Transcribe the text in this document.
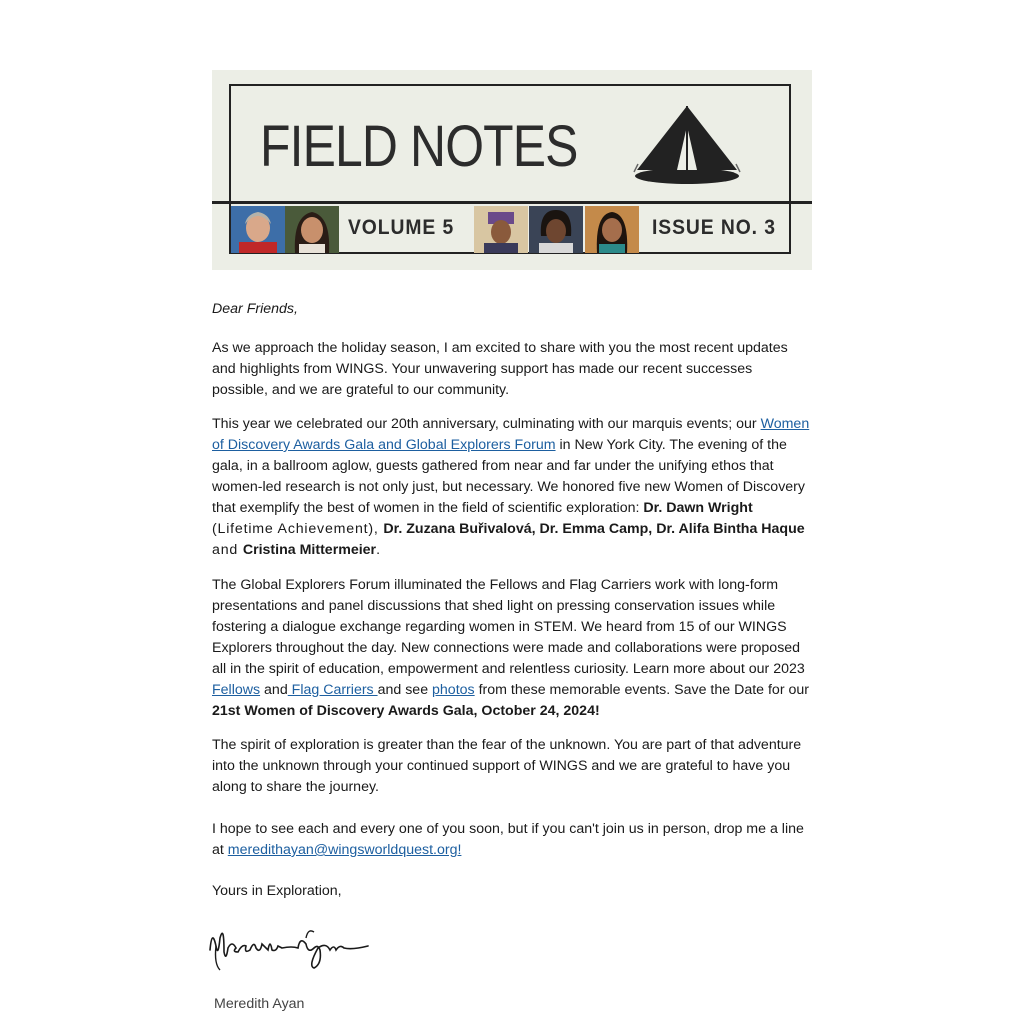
FIELD NOTES
VOLUME 5	ISSUE NO. 3

Dear Friends,

As we approach the holiday season, I am excited to share with you the most recent updates and highlights from WINGS. Your unwavering support has made our recent successes possible, and we are grateful to our community.

This year we celebrated our 20th anniversary, culminating with our marquis events; our Women of Discovery Awards Gala and Global Explorers Forum in New York City. The evening of the gala, in a ballroom aglow, guests gathered from near and far under the unifying ethos that women-led research is not only just, but necessary. We honored five new Women of Discovery that exemplify the best of women in the field of scientific exploration: Dr. Dawn Wright (Lifetime Achievement), Dr. Zuzana Buřivalová, Dr. Emma Camp, Dr. Alifa Bintha Haque and Cristina Mittermeier.

The Global Explorers Forum illuminated the Fellows and Flag Carriers work with long-form presentations and panel discussions that shed light on pressing conservation issues while fostering a dialogue exchange regarding women in STEM. We heard from 15 of our WINGS Explorers throughout the day. New connections were made and collaborations were proposed all in the spirit of education, empowerment and relentless curiosity. Learn more about our 2023 Fellows and Flag Carriers and see photos from these memorable events. Save the Date for our 21st Women of Discovery Awards Gala, October 24, 2024!

The spirit of exploration is greater than the fear of the unknown. You are part of that adventure into the unknown through your continued support of WINGS and we are grateful to have you along to share the journey.

I hope to see each and every one of you soon, but if you can't join us in person, drop me a line at meredithayan@wingsworldquest.org!

Yours in Exploration,

Meredith Ayan
